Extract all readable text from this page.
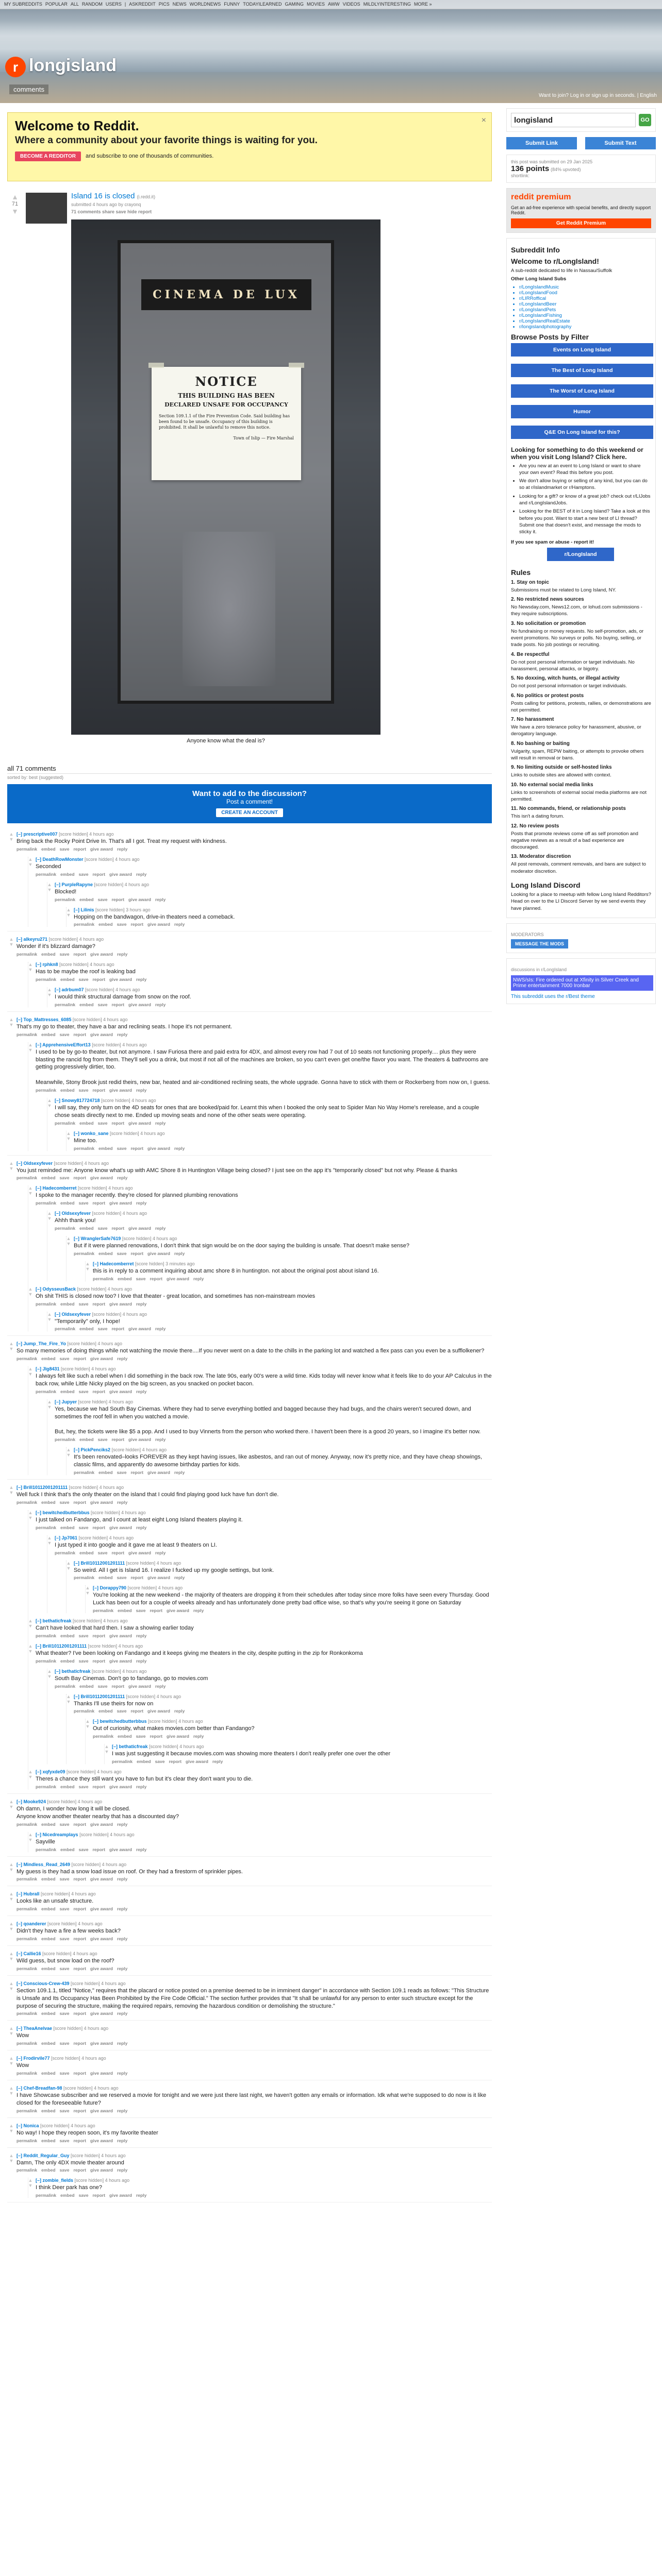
MY SUBREDDITS POPULAR ALL RANDOM USERS | ASKREDDIT PICS NEWS WORLDNEWS FUNNY TODAYILEARNED GAMING MOVIES AWW VIDEOS MILDLYINTERESTING MORE »
r longisland
comments
Want to join? Log in or sign up in seconds. | English
×
Welcome to Reddit.
Where a community about your favorite things is waiting for you.
BECOME A REDDITOR and subscribe to one of thousands of communities.
▲
71
▼
Island 16 is closed (i.redd.it)
submitted 4 hours ago by crayonq
71 comments share save hide report
CINEMA DE LUX
NOTICE
THIS BUILDING HAS BEEN
DECLARED UNSAFE FOR OCCUPANCY
Section 109.1.1 of the Fire Prevention Code. Said building has been found to be unsafe. Occupancy of this building is prohibited. It shall be unlawful to remove this notice.
Town of Islip — Fire Marshal
Anyone know what the deal is?
all 71 comments
sorted by: best (suggested)
Want to add to the discussion?
Post a comment!
CREATE AN ACCOUNT
▲
▼
[–] prescriptive007 [score hidden] 4 hours ago
Bring back the Rocky Point Drive In. That's all I got. Treat my request with kindness.
permalink embed save report give award reply
▲
▼
[–] DeathRowMonster [score hidden] 4 hours ago
Seconded
permalink embed save report give award reply
▲
▼
[–] PurpleRapyne [score hidden] 4 hours ago
Blocked!
permalink embed save report give award reply
▲
▼
[–] Lilinis [score hidden] 3 hours ago
Hopping on the bandwagon, drive-in theaters need a comeback.
permalink embed save report give award reply
▲
▼
[–] alkeyru271 [score hidden] 4 hours ago
Wonder if it's blizzard damage?
permalink embed save report give award reply
▲
▼
[–] rphkn8 [score hidden] 4 hours ago
Has to be maybe the roof is leaking bad
permalink embed save report give award reply
▲
▼
[–] adrbum07 [score hidden] 4 hours ago
I would think structural damage from snow on the roof.
permalink embed save report give award reply
▲
▼
[–] Top_Mattresses_6085 [score hidden] 4 hours ago
That's my go to theater, they have a bar and reclining seats. I hope it's not permanent.
permalink embed save report give award reply
▲
▼
[–] ApprehensiveEffort13 [score hidden] 4 hours ago
I used to be by go-to theater, but not anymore. I saw Furiosa there and paid extra for 4DX, and almost every row had 7 out of 10 seats not functioning properly.... plus they were blasting the rancid fog from them. They'll sell you a drink, but most if not all of the machines are broken, so you can't even get one/the flavor you want. The theaters & bathrooms are getting progressively dirtier, too.

Meanwhile, Stony Brook just redid theirs, new bar, heated and air-conditioned reclining seats, the whole upgrade. Gonna have to stick with them or Rockerberg from now on, I guess.
permalink embed save report give award reply
▲
▼
[–] Snowy817724718 [score hidden] 4 hours ago
I will say, they only turn on the 4D seats for ones that are booked/paid for. Learnt this when I booked the only seat to Spider Man No Way Home's rerelease, and a couple chose seats directly next to me. Ended up moving seats and none of the other seats were operating.
permalink embed save report give award reply
▲
▼
[–] wonko_sane [score hidden] 4 hours ago
Mine too.
permalink embed save report give award reply
▲
▼
[–] Oldsexyfever [score hidden] 4 hours ago
You just reminded me: Anyone know what's up with AMC Shore 8 in Huntington Village being closed? I just see on the app it's "temporarily closed" but not why. Please & thanks
permalink embed save report give award reply
▲
▼
[–] Hadecomberret [score hidden] 4 hours ago
I spoke to the manager recently. they're closed for planned plumbing renovations
permalink embed save report give award reply
▲
▼
[–] Oldsexyfever [score hidden] 4 hours ago
Ahhh thank you!
permalink embed save report give award reply
▲
▼
[–] WranglerSafe7619 [score hidden] 4 hours ago
But if it were planned renovations, I don't think that sign would be on the door saying the building is unsafe. That doesn't make sense?
permalink embed save report give award reply
▲
▼
[–] Hadecomberret [score hidden] 3 minutes ago
this is in reply to a comment inquiring about amc shore 8 in huntington. not about the original post about island 16.
permalink embed save report give award reply
▲
▼
[–] OdysseusBack [score hidden] 4 hours ago
Oh shit THIS is closed now too? I love that theater - great location, and sometimes has non-mainstream movies
permalink embed save report give award reply
▲
▼
[–] Oldsexyfever [score hidden] 4 hours ago
"Temporarily" only, I hope!
permalink embed save report give award reply
▲
▼
[–] Jump_The_Fire_Yo [score hidden] 4 hours ago
So many memories of doing things while not watching the movie there....If you never went on a date to the chills in the parking lot and watched a flex pass can you even be a sufflolkener?
permalink embed save report give award reply
▲
▼
[–] Jlg8431 [score hidden] 4 hours ago
I always felt like such a rebel when I did something in the back row. The late 90s, early 00's were a wild time. Kids today will never know what it feels like to do your AP Calculus in the back row, while Little Nicky played on the big screen, as you snacked on pocket bacon.
permalink embed save report give award reply
▲
▼
[–] Jupyer [score hidden] 4 hours ago
Yes, because we had South Bay Cinemas. Where they had to serve everything bottled and bagged because they had bugs, and the chairs weren't secured down, and sometimes the roof fell in when you watched a movie.

But, hey, the tickets were like $5 a pop. And I used to buy Vinnerts from the person who worked there. I haven't been there is a good 20 years, so I imagine it's better now.
permalink embed save report give award reply
▲
▼
[–] PickPenciks2 [score hidden] 4 hours ago
It's been renovated–looks FOREVER as they kept having issues, like asbestos, and ran out of money. Anyway, now it's pretty nice, and they have cheap showings, classic films, and apparently do awesome birthday parties for kids.
permalink embed save report give award reply
▲
▼
[–] Brill10112001201111 [score hidden] 4 hours ago
Well fuck I think that's the only theater on the island that I could find playing good luck have fun don't die.
permalink embed save report give award reply
▲
▼
[–] bewitchedbutterbbus [score hidden] 4 hours ago
I just talked on Fandango, and I count at least eight Long Island theaters playing it.
permalink embed save report give award reply
▲
▼
[–] Jp7061 [score hidden] 4 hours ago
I just typed it into google and it gave me at least 9 theaters on LI.
permalink embed save report give award reply
▲
▼
[–] Brill10112001201111 [score hidden] 4 hours ago
So weird. All I get is Island 16. I realize I fucked up my google settings, but Ionk.
permalink embed save report give award reply
▲
▼
[–] Dorappy790 [score hidden] 4 hours ago
You're looking at the new weekend - the majority of theaters are dropping it from their schedules after today since more folks have seen every Thursday. Good Luck has been out for a couple of weeks already and has unfortunately done pretty bad office wise, so that's why you're seeing it gone on Saturday
permalink embed save report give award reply
▲
▼
[–] bethaticfreak [score hidden] 4 hours ago
Can't have looked that hard then. I saw a showing earlier today
permalink embed save report give award reply
▲
▼
[–] Brill10112001201111 [score hidden] 4 hours ago
What theater? I've been looking on Fandango and it keeps giving me theaters in the city, despite putting in the zip for Ronkonkoma
permalink embed save report give award reply
▲
▼
[–] bethaticfreak [score hidden] 4 hours ago
South Bay Cinemas. Don't go to fandango, go to movies.com
permalink embed save report give award reply
▲
▼
[–] Brill10112001201111 [score hidden] 4 hours ago
Thanks I'll use theirs for now on
permalink embed save report give award reply
▲
▼
[–] bewitchedbutterbbus [score hidden] 4 hours ago
Out of curiosity, what makes movies.com better than Fandango?
permalink embed save report give award reply
▲
▼
[–] bethaticfreak [score hidden] 4 hours ago
I was just suggesting it because movies.com was showing more theaters I don't really prefer one over the other
permalink embed save report give award reply
▲
▼
[–] xqfyxde09 [score hidden] 4 hours ago
Theres a chance they still want you have to fun but it's clear they don't want you to die.
permalink embed save report give award reply
▲
▼
[–] Mooke924 [score hidden] 4 hours ago
Oh damn, I wonder how long it will be closed.
Anyone know another theater nearby that has a discounted day?
permalink embed save report give award reply
▲
▼
[–] Nicedreamplays [score hidden] 4 hours ago
Sayville
permalink embed save report give award reply
▲
▼
[–] Mindless_Read_2649 [score hidden] 4 hours ago
My guess is they had a snow load issue on roof. Or they had a firestorm of sprinkler pipes.
permalink embed save report give award reply
▲
▼
[–] Hubrall [score hidden] 4 hours ago
Looks like an unsafe structure.
permalink embed save report give award reply
▲
▼
[–] qoanderer [score hidden] 4 hours ago
Didn't they have a fire a few weeks back?
permalink embed save report give award reply
▲
▼
[–] Callie16 [score hidden] 4 hours ago
Wild guess, but snow load on the roof?
permalink embed save report give award reply
▲
▼
[–] Conscious-Crew-439 [score hidden] 4 hours ago
Section 109.1.1, titled "Notice," requires that the placard or notice posted on a premise deemed to be in imminent danger" in accordance with Section 109.1 reads as follows: "This Structure is Unsafe and Its Occupancy Has Been Prohibited by the Fire Code Official." The section further provides that "It shall be unlawful for any person to enter such structure except for the purpose of securing the structure, making the required repairs, removing the hazardous condition or demolishing the structure."
permalink embed save report give award reply
▲
▼
[–] TheaAnelvae [score hidden] 4 hours ago
Wow
permalink embed save report give award reply
▲
▼
[–] Frodirvile77 [score hidden] 4 hours ago
Wow
permalink embed save report give award reply
▲
▼
[–] Chef-Breadfan-98 [score hidden] 4 hours ago
I have Showcase subscriber and we reserved a movie for tonight and we were just there last night, we haven't gotten any emails or information. Idk what we're supposed to do now is it like closed for the foreseeable future?
permalink embed save report give award reply
▲
▼
[–] Nonica [score hidden] 4 hours ago
No way! I hope they reopen soon, it's my favorite theater
permalink embed save report give award reply
▲
▼
[–] Reddit_Regular_Guy [score hidden] 4 hours ago
Damn, The only 4DX movie theater around
permalink embed save report give award reply
▲
▼
[–] zombie_fields [score hidden] 4 hours ago
I think Deer park has one?
permalink embed save report give award reply
longisland	GO
Submit Link	Submit Text
this post was submitted on 29 Jan 2025
136 points (84% upvoted)
shortlink:
reddit premium
Get an ad-free experience with special benefits, and directly support Reddit.
Get Reddit Premium
Subreddit Info
Welcome to r/LongIsland!
A sub-reddit dedicated to life in Nassau/Suffolk
Other Long Island Subs
• r/LongIslandMusic
• r/LongIslandFood
• r/LIRRoffical
• r/LongIslandBeer
• r/LongIslandPets
• r/LongIslandFishing
• r/LongIslandRealEstate
• r/longislandphotography
Browse Posts by Filter
Events on Long Island
The Best of Long Island
The Worst of Long Island
Humor
Q&E On Long Island for this?
Looking for something to do this weekend or when you visit Long Island? Click here.
• Are you new at an event to Long Island or want to share your own event? Read this before you post.
• We don't allow buying or selling of any kind, but you can do so at r/islandmarket or r/Hamptons.
• Looking for a gift? or know of a great job? check out r/LIJobs and r/LongIslandJobs.
• Looking for the BEST of it in Long Island? Take a look at this before you post. Want to start a new best of LI thread? Submit one that doesn't exist, and message the mods to sticky it.
If you see spam or abuse - report it!
r/LongIsland
Rules
1. Stay on topic
Submissions must be related to Long Island, NY.
2. No restricted news sources
No Newsday.com, News12.com, or lohud.com submissions - they require subscriptions.
3. No solicitation or promotion
No fundraising or money requests. No self-promotion, ads, or event promotions. No surveys or polls. No buying, selling, or trade posts. No job postings or recruiting.
4. Be respectful
Do not post personal information or target individuals. No harassment, personal attacks, or bigotry.
5. No doxxing, witch hunts, or illegal activity
Do not post personal information or target individuals.
6. No politics or protest posts
Posts calling for petitions, protests, rallies, or demonstrations are not permitted.
7. No harassment
We have a zero tolerance policy for harassment, abusive, or derogatory language.
8. No bashing or baiting
Vulgarity, spam, REPW baiting, or attempts to provoke others will result in removal or bans.
9. No limiting outside or self-hosted links
Links to outside sites are allowed with context.
10. No external social media links
Links to screenshots of external social media platforms are not permitted.
11. No commands, friend, or relationship posts
This isn't a dating forum.
12. No review posts
Posts that promote reviews come off as self promotion and negative reviews as a result of a bad experience are discouraged.
13. Moderator discretion
All post removals, comment removals, and bans are subject to moderator discretion.
Long Island Discord
Looking for a place to meetup with fellow Long Island Redditors? Head on over to the LI Discord Server by we send events they have planned.
MODERATORS
MESSAGE THE MODS
discussions in r/LongIsland
NWS/sIs: Fire ordered out at Xfinity in Silver Creek and Prime entertainment 7000 Ironbar
This subreddit uses the r/Best theme
